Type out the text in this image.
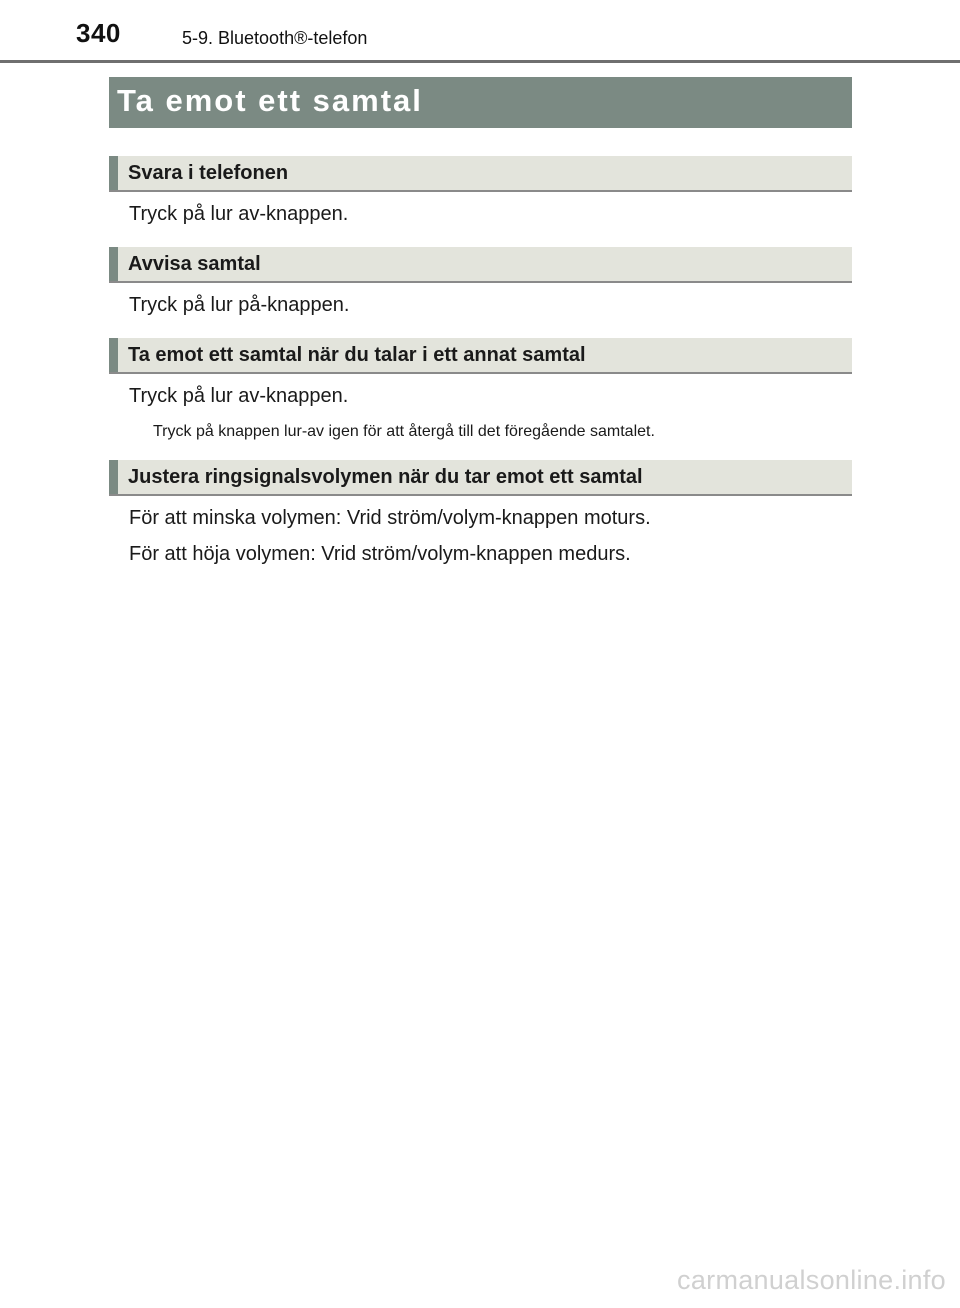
340	5-9. Bluetooth®-telefon
Ta emot ett samtal
Svara i telefonen
Tryck på lur av-knappen.
Avvisa samtal
Tryck på lur på-knappen.
Ta emot ett samtal när du talar i ett annat samtal
Tryck på lur av-knappen.
Tryck på knappen lur-av igen för att återgå till det föregående samtalet.
Justera ringsignalsvolymen när du tar emot ett samtal
För att minska volymen: Vrid ström/volym-knappen moturs.
För att höja volymen: Vrid ström/volym-knappen medurs.
carmanualsonline.info
